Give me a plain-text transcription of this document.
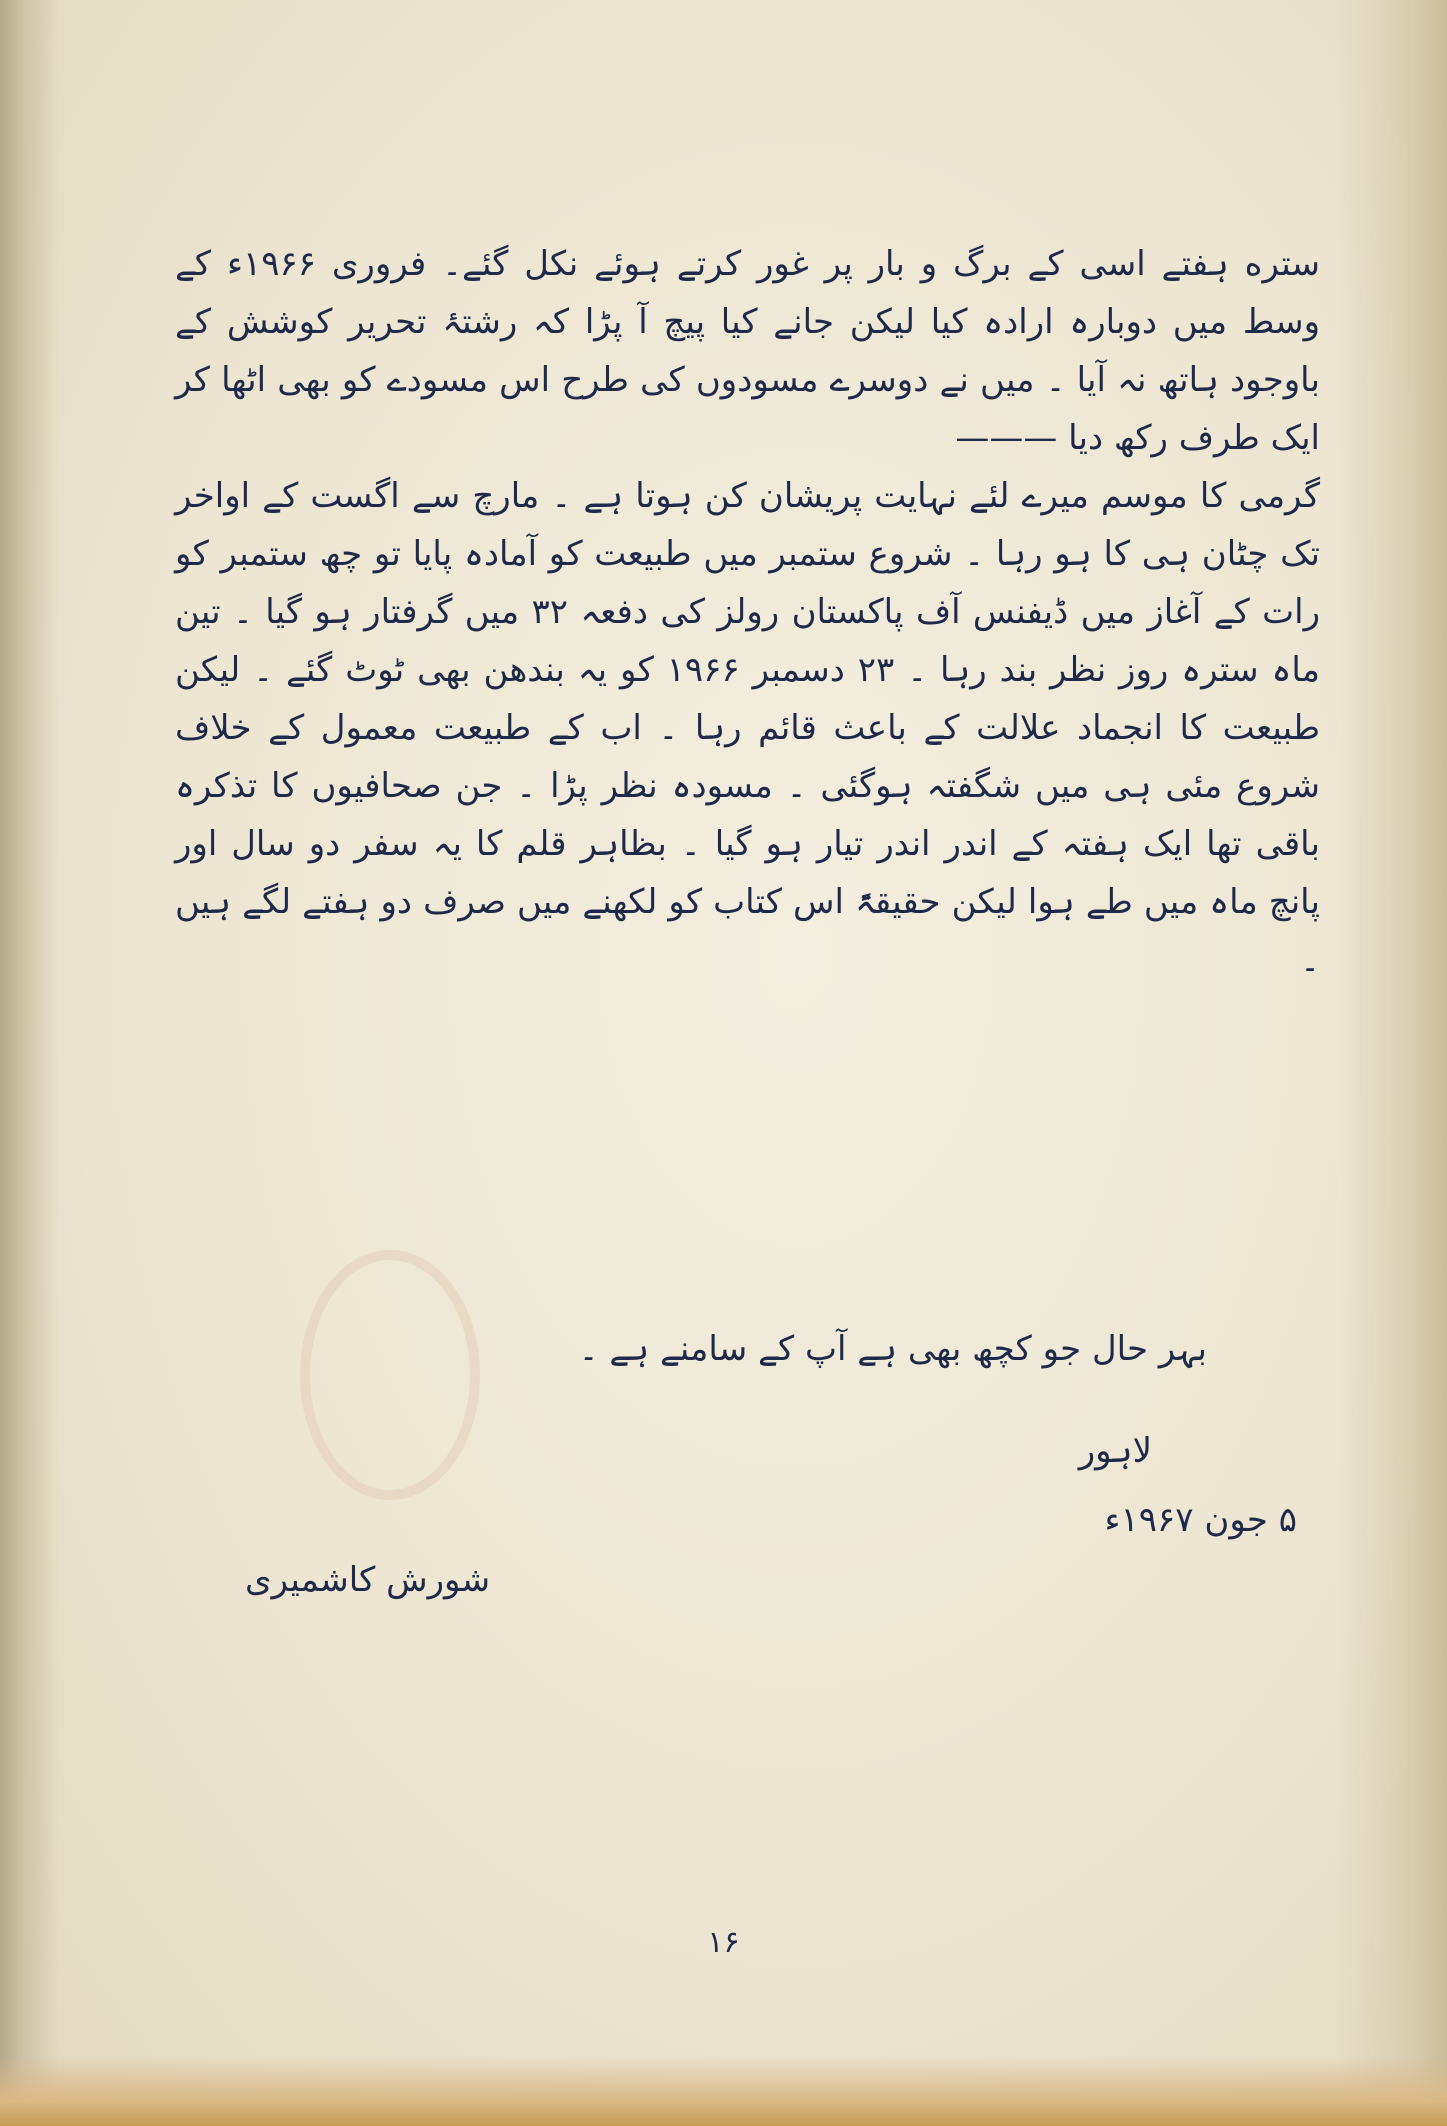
ستره ہفتے اسی کے برگ و بار پر غور کرتے ہوئے نکل گئے۔ فروری ۱۹۶۶ء کے وسط میں دوبارہ ارادہ کیا لیکن جانے کیا پیچ آ پڑا کہ رشتۂ تحریر کوشش کے باوجود ہاتھ نہ آیا ۔ میں نے دوسرے مسودوں کی طرح اس مسودے کو بھی اٹھا کر ایک طرف رکھ دیا ———

گرمی کا موسم میرے لئے نہایت پریشان کن ہوتا ہے ۔ مارچ سے اگست کے اواخر تک چٹان ہی کا ہو رہا ۔ شروع ستمبر میں طبیعت کو آمادہ پایا تو چھ ستمبر کو رات کے آغاز میں ڈیفنس آف پاکستان رولز کی دفعہ ۳۲ میں گرفتار ہو گیا ۔ تین ماہ سترہ روز نظر بند رہا ۔ ۲۳ دسمبر ۱۹۶۶ کو یہ بندھن بھی ٹوٹ گئے ۔ لیکن طبیعت کا انجماد علالت کے باعث قائم رہا ۔ اب کے طبیعت معمول کے خلاف شروع مئی ہی میں شگفتہ ہوگئی ۔ مسودہ نظر پڑا ۔ جن صحافیوں کا تذکرہ باقی تھا ایک ہفتہ کے اندر اندر تیار ہو گیا ۔ بظاہر قلم کا یہ سفر دو سال اور پانچ ماہ میں طے ہوا لیکن حقیقۃً اس کتاب کو لکھنے میں صرف دو ہفتے لگے ہیں ۔

بہر حال جو کچھ بھی ہے آپ کے سامنے ہے ۔
لاہور
۵ جون ۱۹۶۷ء
شورش کاشمیری
۱۶
